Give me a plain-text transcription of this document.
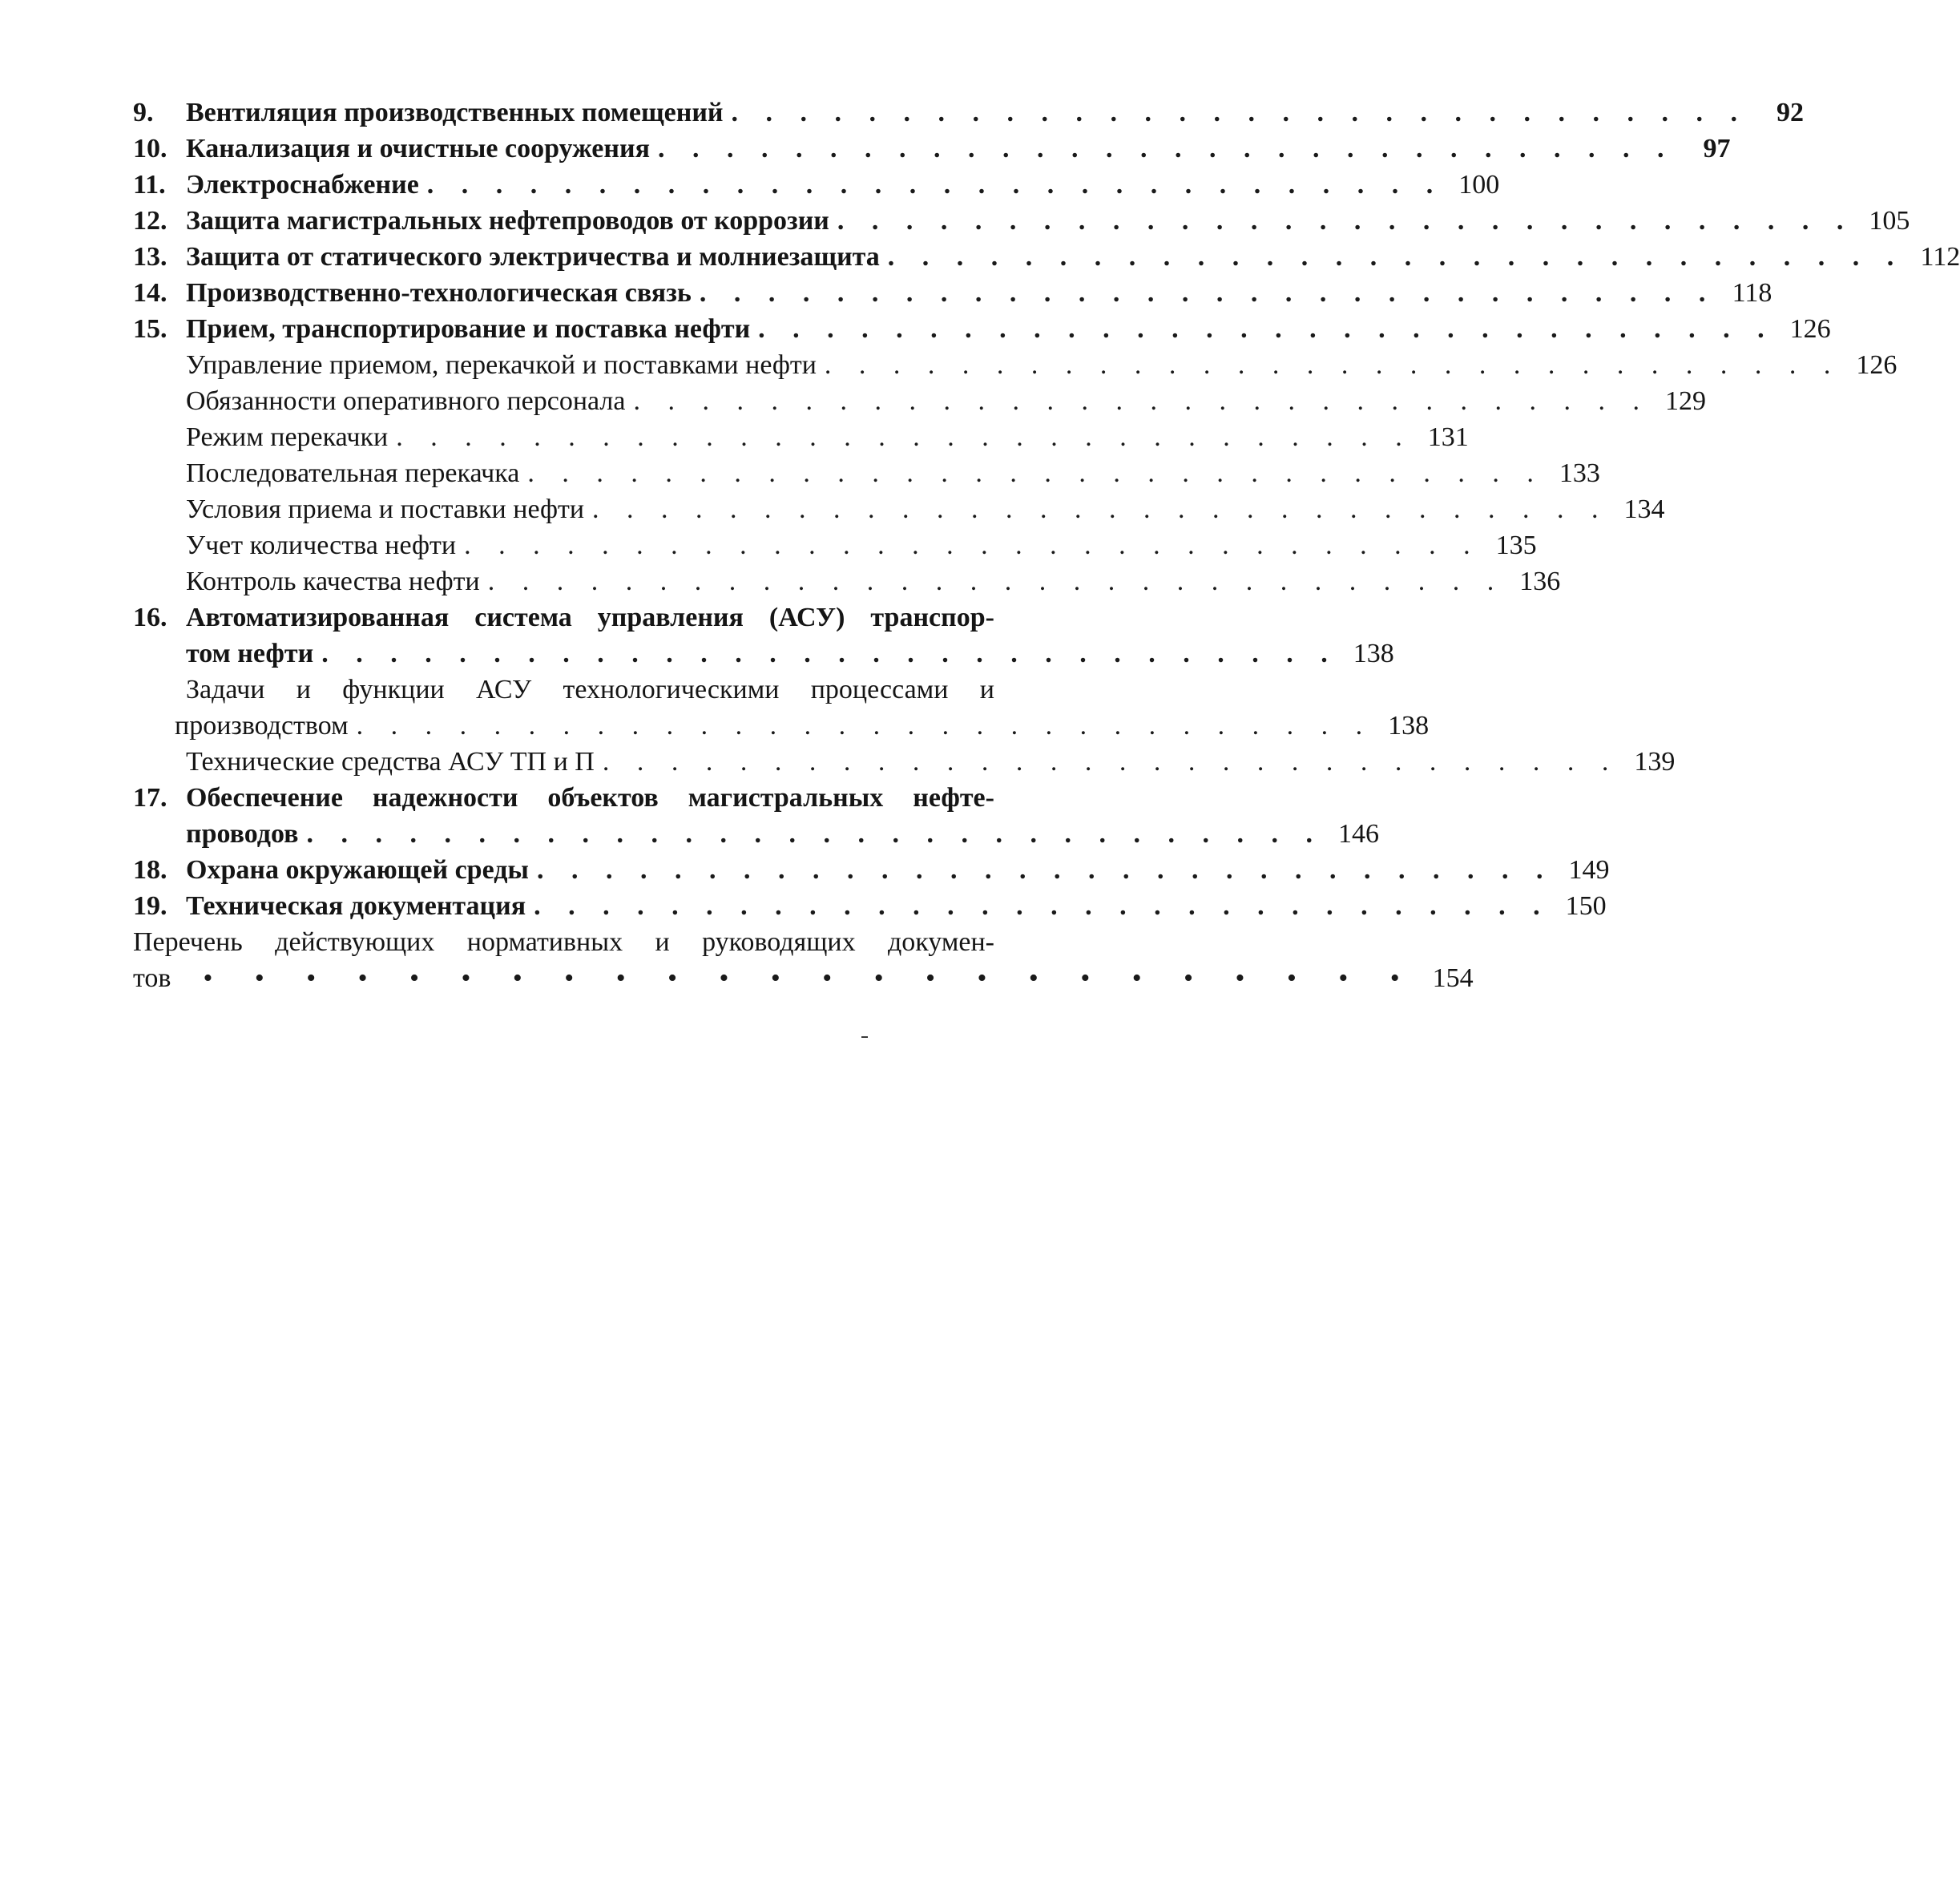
9.	Вентиляция производственных помещений . . . . . . . . . . . . . . . . . . . . . . . . . . . . . .	92
10. Канализация и очистные сооружения . . . . . . . . . . . . . . . . . . . . . . . . . . . . . .	97
11. Электроснабжение . . . . . . . . . . . . . . . . . . . . . . . . . . . . . . 100
12. Защита магистральных нефтепроводов от коррозии . . . . . . . . . . . . . . . . . . . . . . . . . . . . . . 105
13. Защита от статического электричества и молниезащита . . . . . . . . . . . . . . . . . . . . . . . . . . . . . . 112
14. Производственно-технологическая связь . . . . . . . . . . . . . . . . . . . . . . . . . . . . . . 118
15. Прием, транспортирование и поставка нефти . . . . . . . . . . . . . . . . . . . . . . . . . . . . . . 126
Управление приемом, перекачкой и поставками нефти . . . . . . . . . . . . . . . . . . . . . . . . . . . . . . 126
Обязанности оперативного персонала . . . . . . . . . . . . . . . . . . . . . . . . . . . . . . 129
Режим перекачки . . . . . . . . . . . . . . . . . . . . . . . . . . . . . . 131
Последовательная перекачка . . . . . . . . . . . . . . . . . . . . . . . . . . . . . . 133
Условия приема и поставки нефти . . . . . . . . . . . . . . . . . . . . . . . . . . . . . . 134
Учет количества нефти . . . . . . . . . . . . . . . . . . . . . . . . . . . . . . 135
Контроль качества нефти . . . . . . . . . . . . . . . . . . . . . . . . . . . . . . 136
16. Автоматизированная система управления (АСУ) транспор-
том нефти . . . . . . . . . . . . . . . . . . . . . . . . . . . . . . 138
Задачи и функции АСУ технологическими процессами и
производством . . . . . . . . . . . . . . . . . . . . . . . . . . . . . . 138
Технические средства АСУ ТП и П . . . . . . . . . . . . . . . . . . . . . . . . . . . . . . 139
17. Обеспечение надежности объектов магистральных нефте-
проводов . . . . . . . . . . . . . . . . . . . . . . . . . . . . . . 146
18. Охрана окружающей среды . . . . . . . . . . . . . . . . . . . . . . . . . . . . . . 149
19. Техническая документация . . . . . . . . . . . . . . . . . . . . . . . . . . . . . . 150
Перечень действующих нормативных и руководящих докумен-
тов	• • • • • • • • • • • • • • • • • • • • • • • • 154
